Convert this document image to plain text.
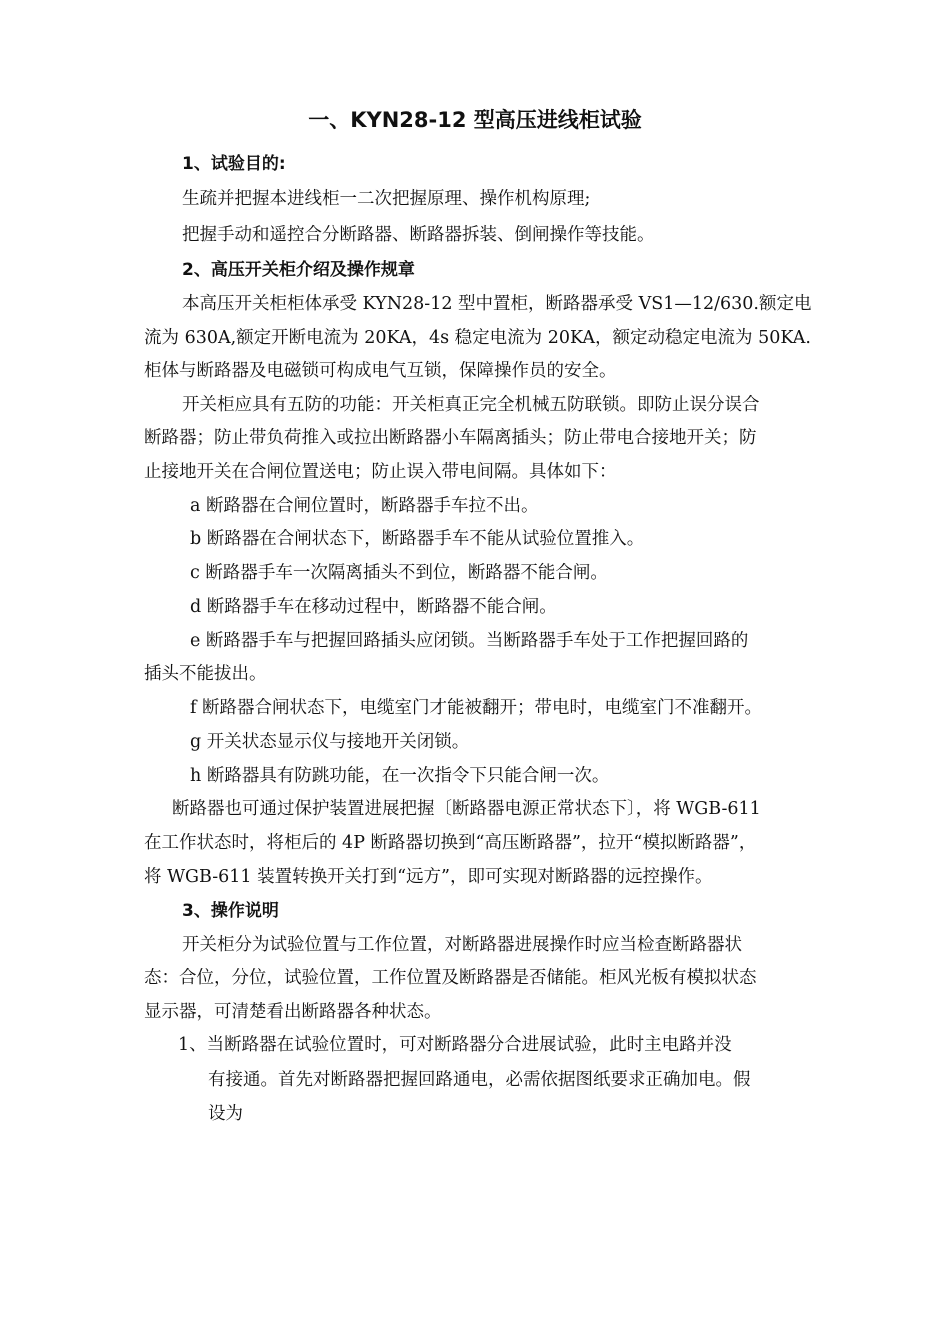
一、KYN28-12 型高压进线柜试验
1、试验目的:
生疏并把握本进线柜一二次把握原理、操作机构原理;
把握手动和遥控合分断路器、断路器拆装、倒闸操作等技能。
2、高压开关柜介绍及操作规章
本高压开关柜柜体承受 KYN28-12 型中置柜，断路器承受 VS1—12/630.额定电
流为 630A,额定开断电流为 20KA，4s 稳定电流为 20KA，额定动稳定电流为 50KA.
柜体与断路器及电磁锁可构成电气互锁，保障操作员的安全。
开关柜应具有五防的功能：开关柜真正完全机械五防联锁。即防止误分误合
断路器；防止带负荷推入或拉出断路器小车隔离插头；防止带电合接地开关；防
止接地开关在合闸位置送电；防止误入带电间隔。具体如下：
a 断路器在合闸位置时，断路器手车拉不出。
b 断路器在合闸状态下，断路器手车不能从试验位置推入。
c 断路器手车一次隔离插头不到位，断路器不能合闸。
d 断路器手车在移动过程中，断路器不能合闸。
e 断路器手车与把握回路插头应闭锁。当断路器手车处于工作把握回路的
插头不能拔出。
f 断路器合闸状态下，电缆室门才能被翻开；带电时，电缆室门不准翻开。
g 开关状态显示仪与接地开关闭锁。
h 断路器具有防跳功能，在一次指令下只能合闸一次。
断路器也可通过保护装置进展把握〔断路器电源正常状态下〕，将 WGB-611
在工作状态时，将柜后的 4P 断路器切换到“高压断路器”，拉开“模拟断路器”，
将 WGB-611 装置转换开关打到“远方”，即可实现对断路器的远控操作。
3、操作说明
开关柜分为试验位置与工作位置，对断路器进展操作时应当检查断路器状
态：合位，分位，试验位置，工作位置及断路器是否储能。柜风光板有模拟状态
显示器，可清楚看出断路器各种状态。
1、当断路器在试验位置时，可对断路器分合进展试验，此时主电路并没
有接通。首先对断路器把握回路通电，必需依据图纸要求正确加电。假
设为
